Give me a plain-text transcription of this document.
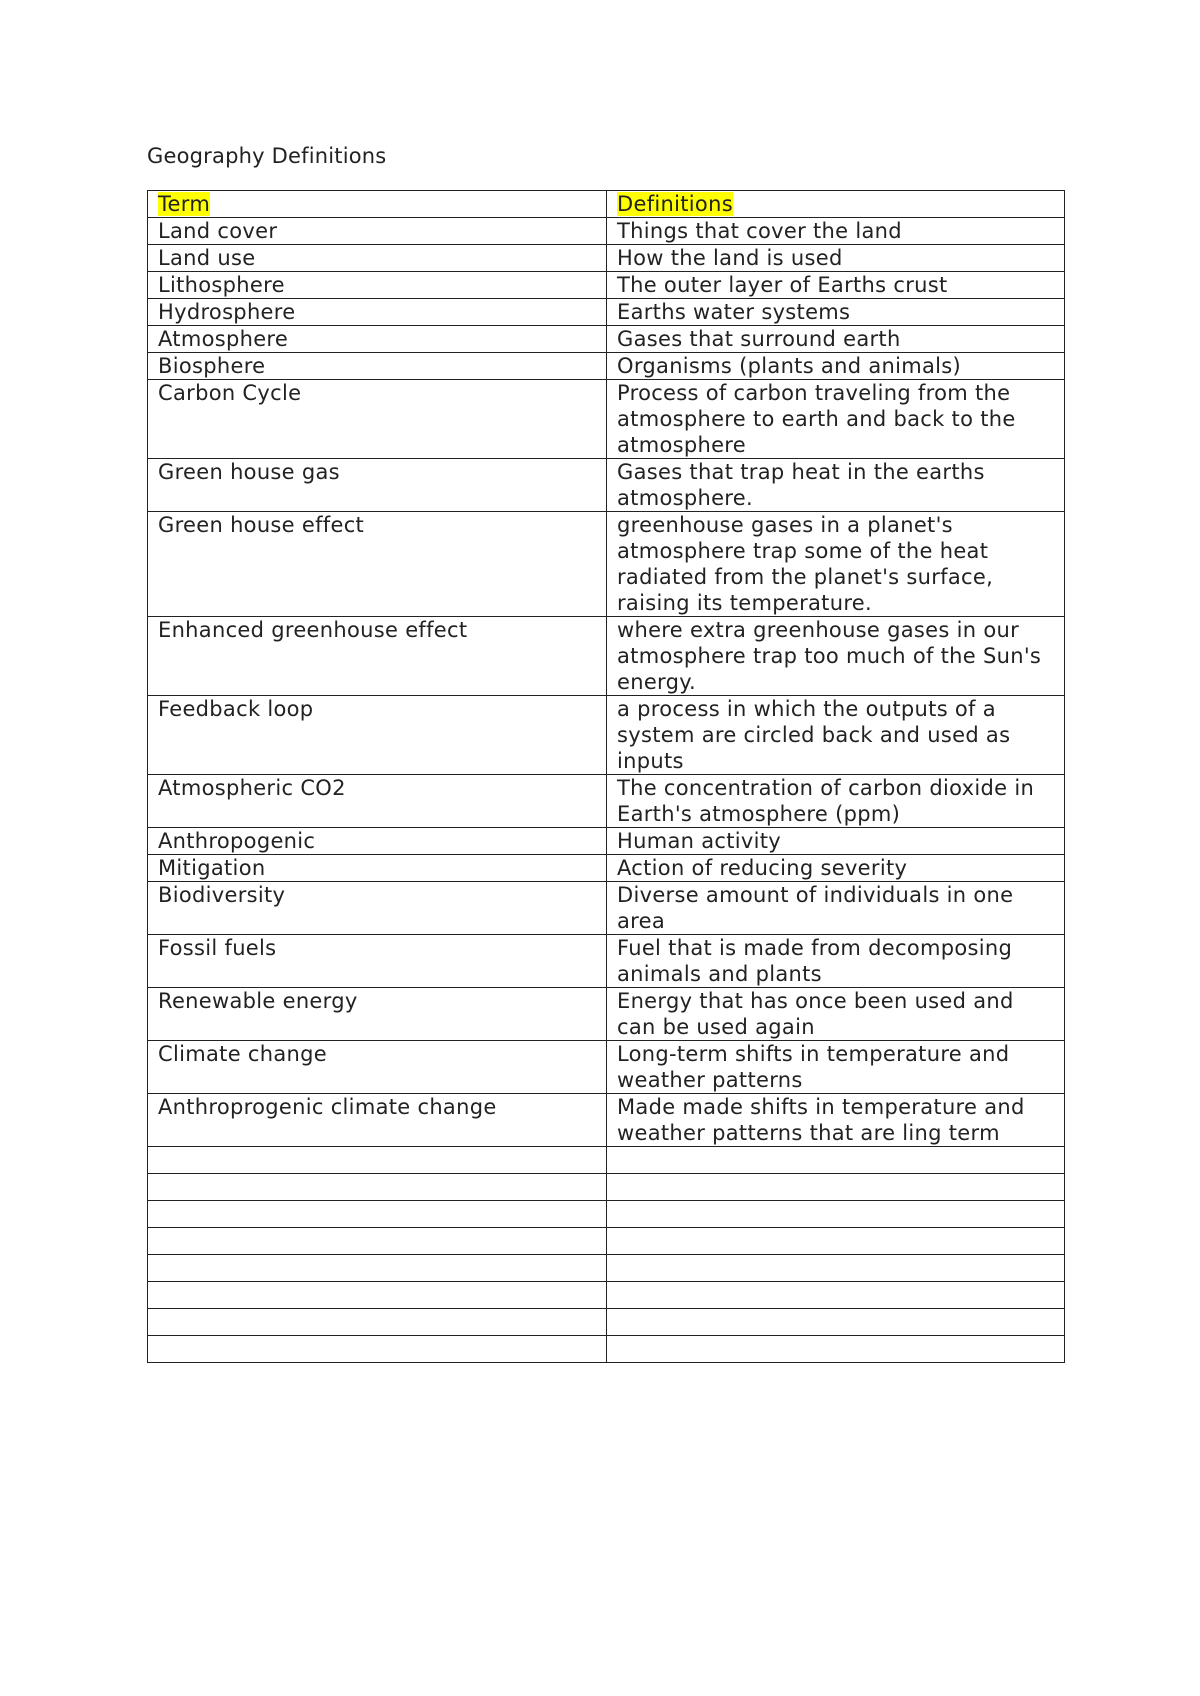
Geography Definitions
Term	Definitions
Land cover	Things that cover the land
Land use	How the land is used
Lithosphere	The outer layer of Earths crust
Hydrosphere	Earths water systems
Atmosphere	Gases that surround earth
Biosphere	Organisms (plants and animals)
Carbon Cycle	Process of carbon traveling from the atmosphere to earth and back to the atmosphere
Green house gas	Gases that trap heat in the earths atmosphere.
Green house effect	greenhouse gases in a planet's atmosphere trap some of the heat radiated from the planet's surface, raising its temperature.
Enhanced greenhouse effect	where extra greenhouse gases in our atmosphere trap too much of the Sun's energy.
Feedback loop	a process in which the outputs of a system are circled back and used as inputs
Atmospheric CO2	The concentration of carbon dioxide in Earth's atmosphere (ppm)
Anthropogenic	Human activity
Mitigation	Action of reducing severity
Biodiversity	Diverse amount of individuals in one area
Fossil fuels	Fuel that is made from decomposing animals and plants
Renewable energy	Energy that has once been used and can be used again
Climate change	Long-term shifts in temperature and weather patterns
Anthroprogenic climate change	Made made shifts in temperature and weather patterns that are ling term
